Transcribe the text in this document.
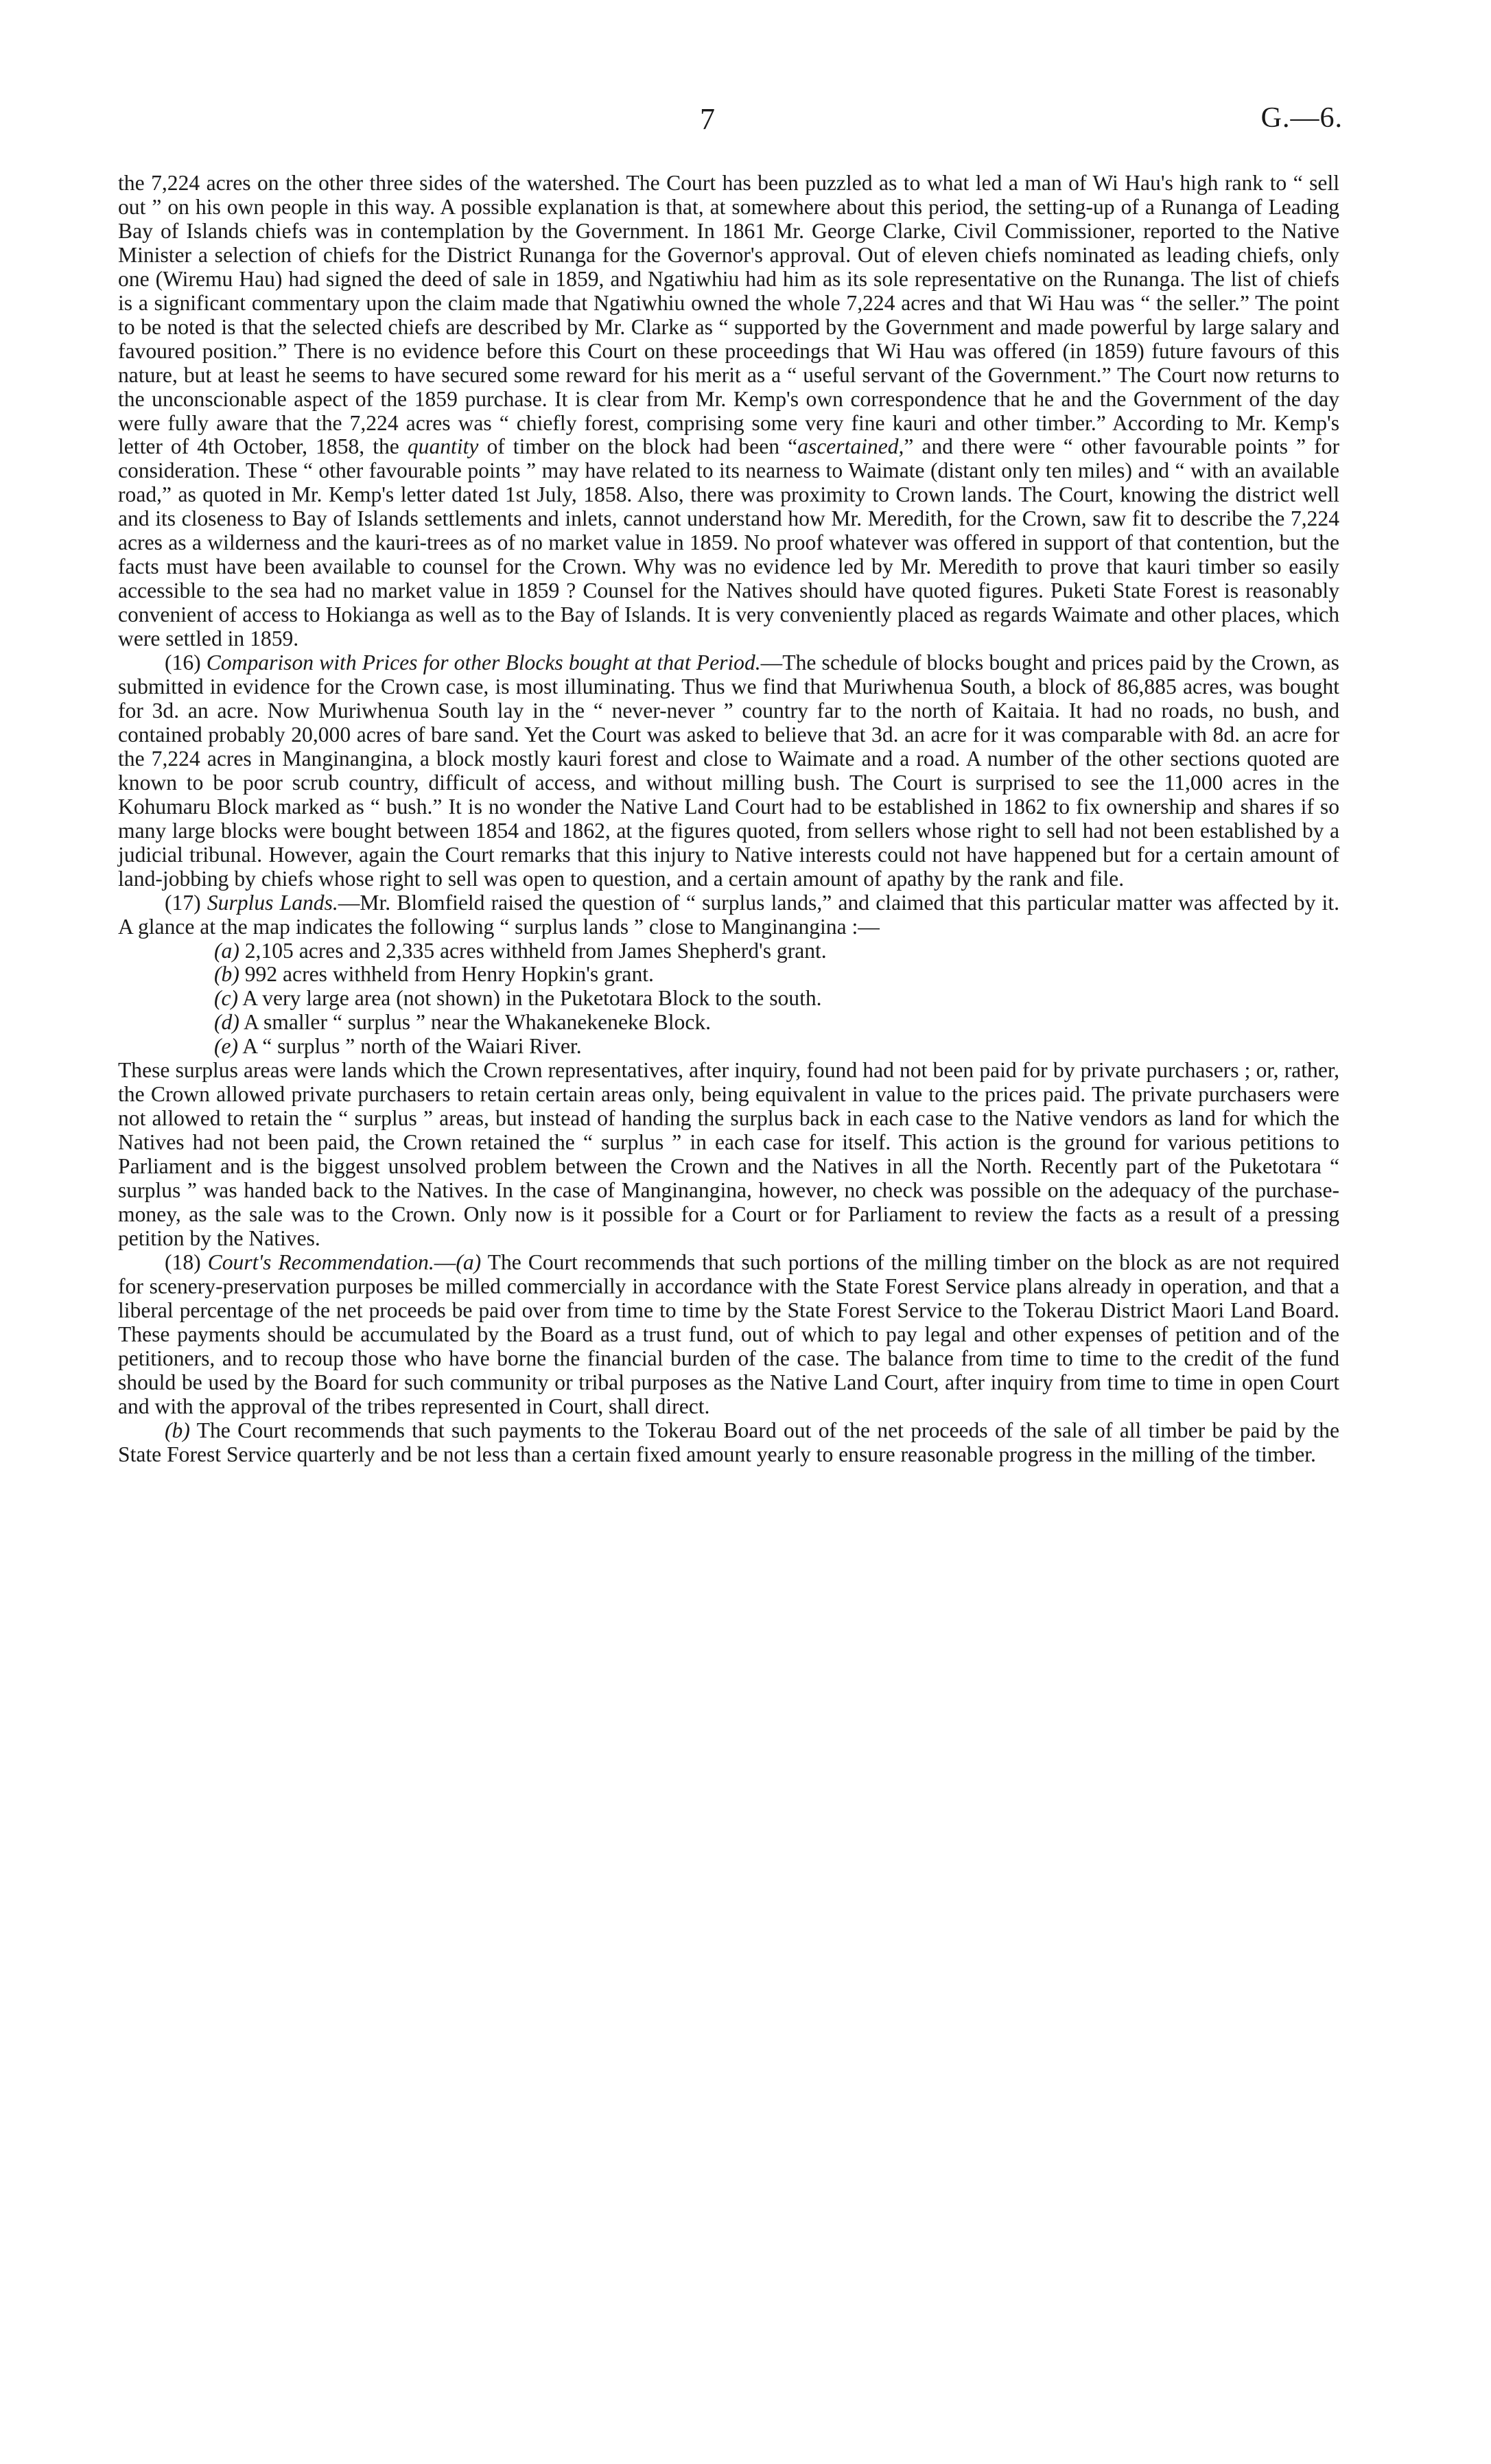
7	G.—6.

the 7,224 acres on the other three sides of the watershed. The Court has been puzzled as to what led a man of Wi Hau's high rank to “ sell out ” on his own people in this way. A possible explanation is that, at somewhere about this period, the setting-up of a Runanga of Leading Bay of Islands chiefs was in contemplation by the Government. In 1861 Mr. George Clarke, Civil Commissioner, reported to the Native Minister a selection of chiefs for the District Runanga for the Governor's approval. Out of eleven chiefs nominated as leading chiefs, only one (Wiremu Hau) had signed the deed of sale in 1859, and Ngatiwhiu had him as its sole representative on the Runanga. The list of chiefs is a significant commentary upon the claim made that Ngatiwhiu owned the whole 7,224 acres and that Wi Hau was “ the seller.” The point to be noted is that the selected chiefs are described by Mr. Clarke as “ supported by the Government and made powerful by large salary and favoured position.” There is no evidence before this Court on these proceedings that Wi Hau was offered (in 1859) future favours of this nature, but at least he seems to have secured some reward for his merit as a “ useful servant of the Government.” The Court now returns to the unconscionable aspect of the 1859 purchase. It is clear from Mr. Kemp's own correspondence that he and the Government of the day were fully aware that the 7,224 acres was “ chiefly forest, comprising some very fine kauri and other timber.” According to Mr. Kemp's letter of 4th October, 1858, the quantity of timber on the block had been “ascertained,” and there were “ other favourable points ” for consideration. These “ other favourable points ” may have related to its nearness to Waimate (distant only ten miles) and “ with an available road,” as quoted in Mr. Kemp's letter dated 1st July, 1858. Also, there was proximity to Crown lands. The Court, knowing the district well and its closeness to Bay of Islands settlements and inlets, cannot understand how Mr. Meredith, for the Crown, saw fit to describe the 7,224 acres as a wilderness and the kauri-trees as of no market value in 1859. No proof whatever was offered in support of that contention, but the facts must have been available to counsel for the Crown. Why was no evidence led by Mr. Meredith to prove that kauri timber so easily accessible to the sea had no market value in 1859 ? Counsel for the Natives should have quoted figures. Puketi State Forest is reasonably convenient of access to Hokianga as well as to the Bay of Islands. It is very conveniently placed as regards Waimate and other places, which were settled in 1859.

(16) Comparison with Prices for other Blocks bought at that Period.—The schedule of blocks bought and prices paid by the Crown, as submitted in evidence for the Crown case, is most illuminating. Thus we find that Muriwhenua South, a block of 86,885 acres, was bought for 3d. an acre. Now Muriwhenua South lay in the “ never-never ” country far to the north of Kaitaia. It had no roads, no bush, and contained probably 20,000 acres of bare sand. Yet the Court was asked to believe that 3d. an acre for it was comparable with 8d. an acre for the 7,224 acres in Manginangina, a block mostly kauri forest and close to Waimate and a road. A number of the other sections quoted are known to be poor scrub country, difficult of access, and without milling bush. The Court is surprised to see the 11,000 acres in the Kohumaru Block marked as “ bush.” It is no wonder the Native Land Court had to be established in 1862 to fix ownership and shares if so many large blocks were bought between 1854 and 1862, at the figures quoted, from sellers whose right to sell had not been established by a judicial tribunal. However, again the Court remarks that this injury to Native interests could not have happened but for a certain amount of land-jobbing by chiefs whose right to sell was open to question, and a certain amount of apathy by the rank and file.

(17) Surplus Lands.—Mr. Blomfield raised the question of “ surplus lands,” and claimed that this particular matter was affected by it. A glance at the map indicates the following “ surplus lands ” close to Manginangina :—

(a) 2,105 acres and 2,335 acres withheld from James Shepherd's grant.
(b) 992 acres withheld from Henry Hopkin's grant.
(c) A very large area (not shown) in the Puketotara Block to the south.
(d) A smaller “ surplus ” near the Whakanekeneke Block.
(e) A “ surplus ” north of the Waiari River.

These surplus areas were lands which the Crown representatives, after inquiry, found had not been paid for by private purchasers ; or, rather, the Crown allowed private purchasers to retain certain areas only, being equivalent in value to the prices paid. The private purchasers were not allowed to retain the “ surplus ” areas, but instead of handing the surplus back in each case to the Native vendors as land for which the Natives had not been paid, the Crown retained the “ surplus ” in each case for itself. This action is the ground for various petitions to Parliament and is the biggest unsolved problem between the Crown and the Natives in all the North. Recently part of the Puketotara “ surplus ” was handed back to the Natives. In the case of Manginangina, however, no check was possible on the adequacy of the purchase-money, as the sale was to the Crown. Only now is it possible for a Court or for Parliament to review the facts as a result of a pressing petition by the Natives.

(18) Court's Recommendation.—(a) The Court recommends that such portions of the milling timber on the block as are not required for scenery-preservation purposes be milled commercially in accordance with the State Forest Service plans already in operation, and that a liberal percentage of the net proceeds be paid over from time to time by the State Forest Service to the Tokerau District Maori Land Board. These payments should be accumulated by the Board as a trust fund, out of which to pay legal and other expenses of petition and of the petitioners, and to recoup those who have borne the financial burden of the case. The balance from time to time to the credit of the fund should be used by the Board for such community or tribal purposes as the Native Land Court, after inquiry from time to time in open Court and with the approval of the tribes represented in Court, shall direct.

(b) The Court recommends that such payments to the Tokerau Board out of the net proceeds of the sale of all timber be paid by the State Forest Service quarterly and be not less than a certain fixed amount yearly to ensure reasonable progress in the milling of the timber.
